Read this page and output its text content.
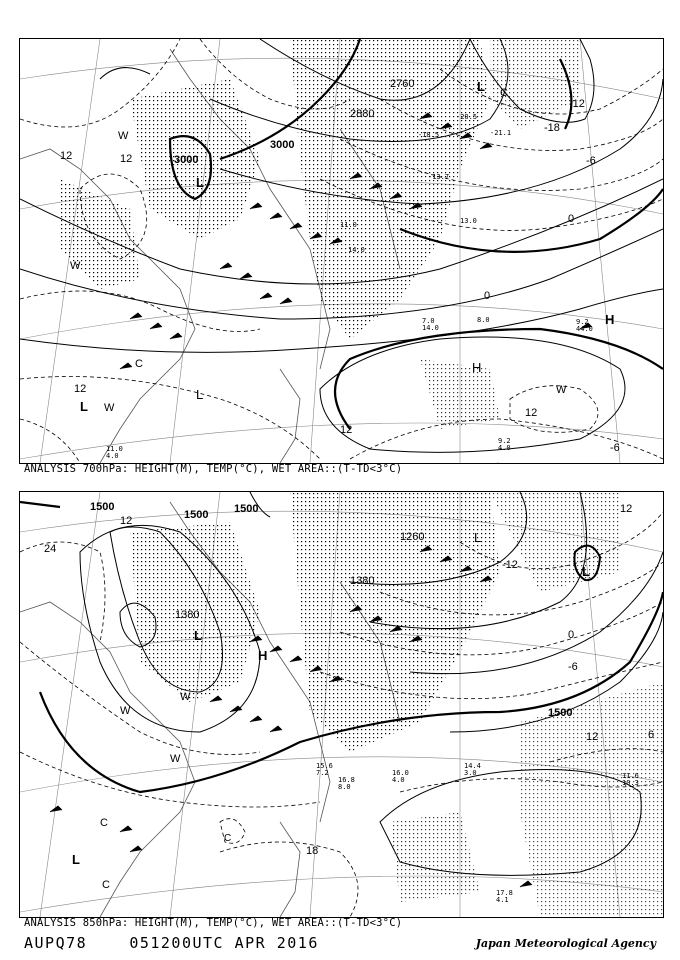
3000
3000
2880
2760
12	12
12
12
12
0
-6
-12
-18
-6
0
H
H
L
L
L
L
C
C
W
W
W
W
7.0
14.0
9.2
44.0
9.2
4.0
11.0
4.0
-20.5
-21.1
-18.5
-13.7
11.0
14.0
13.0
8.0
ANALYSIS 700hPa: HEIGHT(M), TEMP(°C), WET AREA::(T-TD<3°C)
1500
1500 1500
1500
1380
1380
1260
24
18
12
12
12	6
0
-6
-12
H
L
L
L
L
C
C
C
W
W
W
17.8
4.1
16.0
4.0
14.4
3.0
15.6
7.2
16.8
8.0
11.6
10.3
ANALYSIS 850hPa: HEIGHT(M), TEMP(°C), WET AREA::(T-TD<3°C)
AUPQ78	051200UTC APR 2016	Japan Meteorological Agency
